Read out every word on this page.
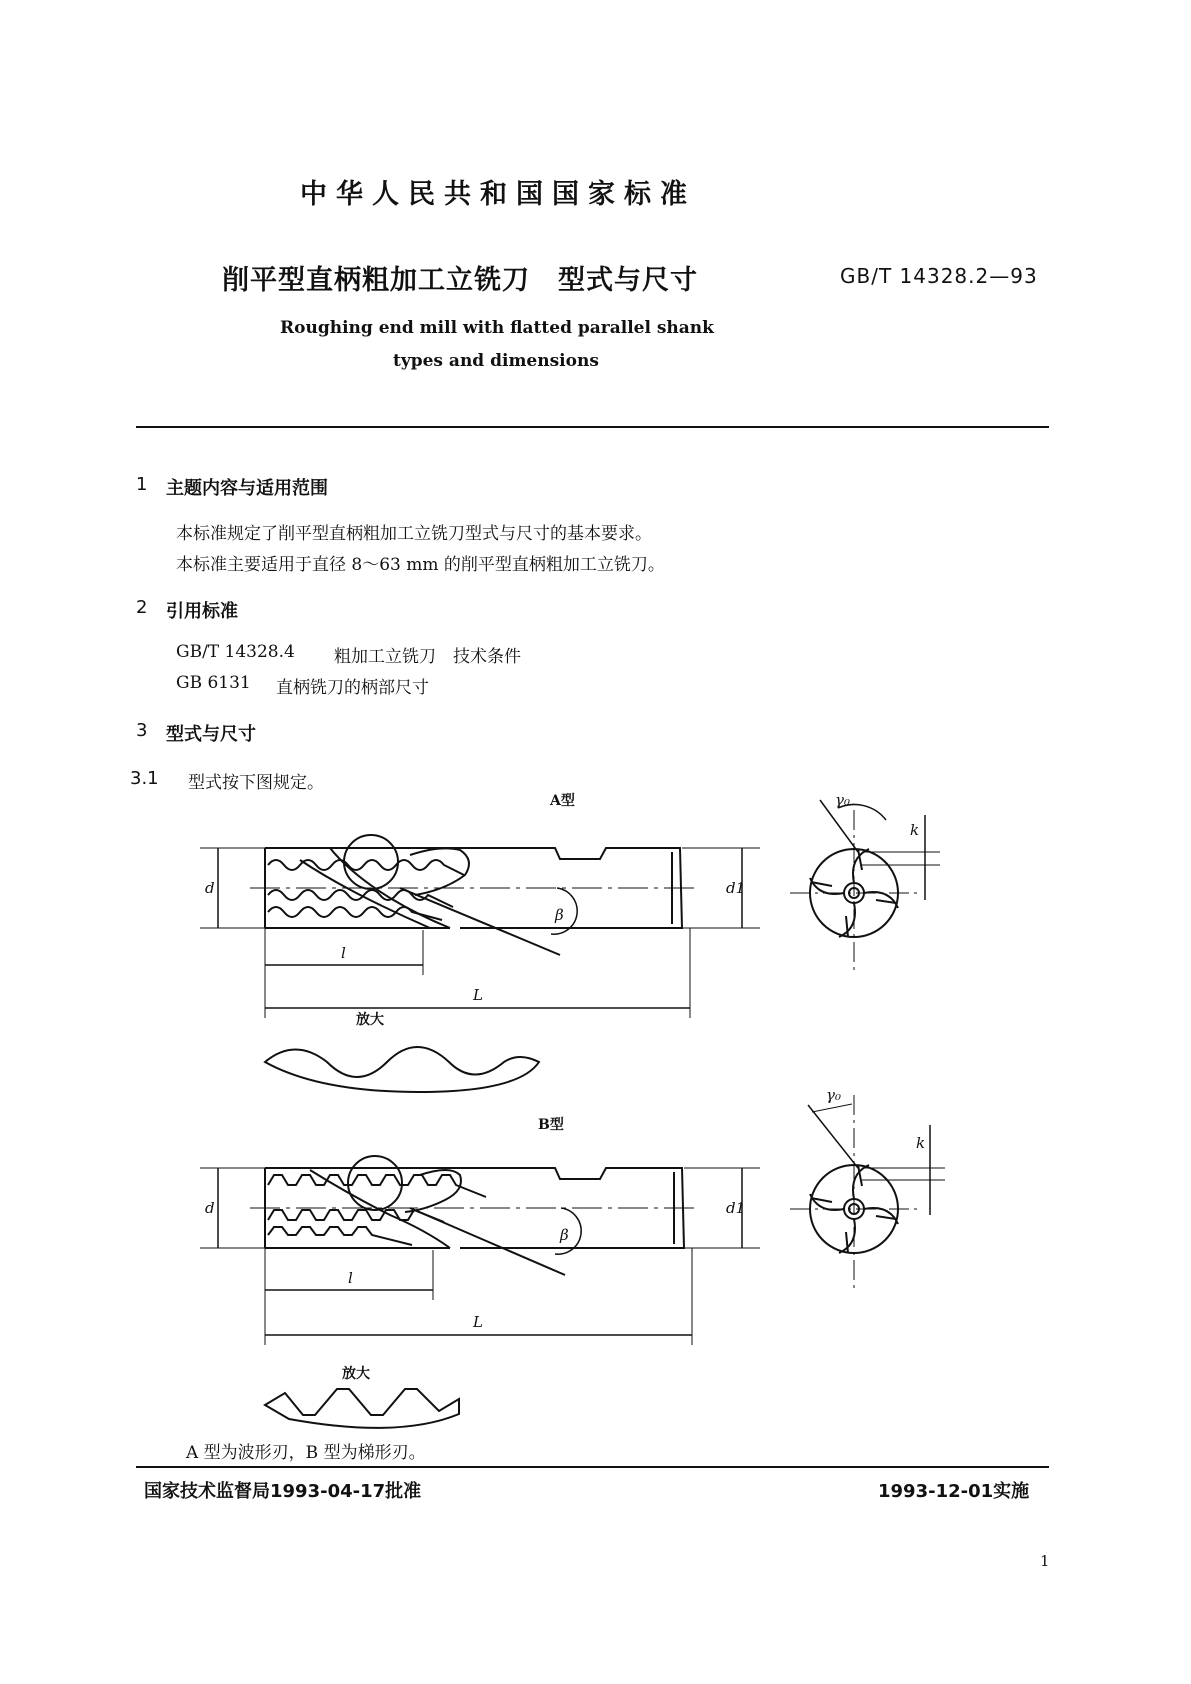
中华人民共和国国家标准
削平型直柄粗加工立铣刀　型式与尺寸	GB/T 14328.2—93
Roughing end mill with flatted parallel shank
types and dimensions
1 主题内容与适用范围
本标准规定了削平型直柄粗加工立铣刀型式与尺寸的基本要求。
本标准主要适用于直径 8～63 mm 的削平型直柄粗加工立铣刀。
2 引用标准
GB/T 14328.4 粗加工立铣刀　技术条件
GB 6131 直柄铣刀的柄部尺寸
3 型式与尺寸
3.1 型式按下图规定。
A型
B型
放大
放大
d	d1
l
L
β
γ₀
k
d	d1
l
L
β
γ₀
k
A 型为波形刃，B 型为梯形刃。
国家技术监督局1993-04-17批准	1993-12-01实施
1
